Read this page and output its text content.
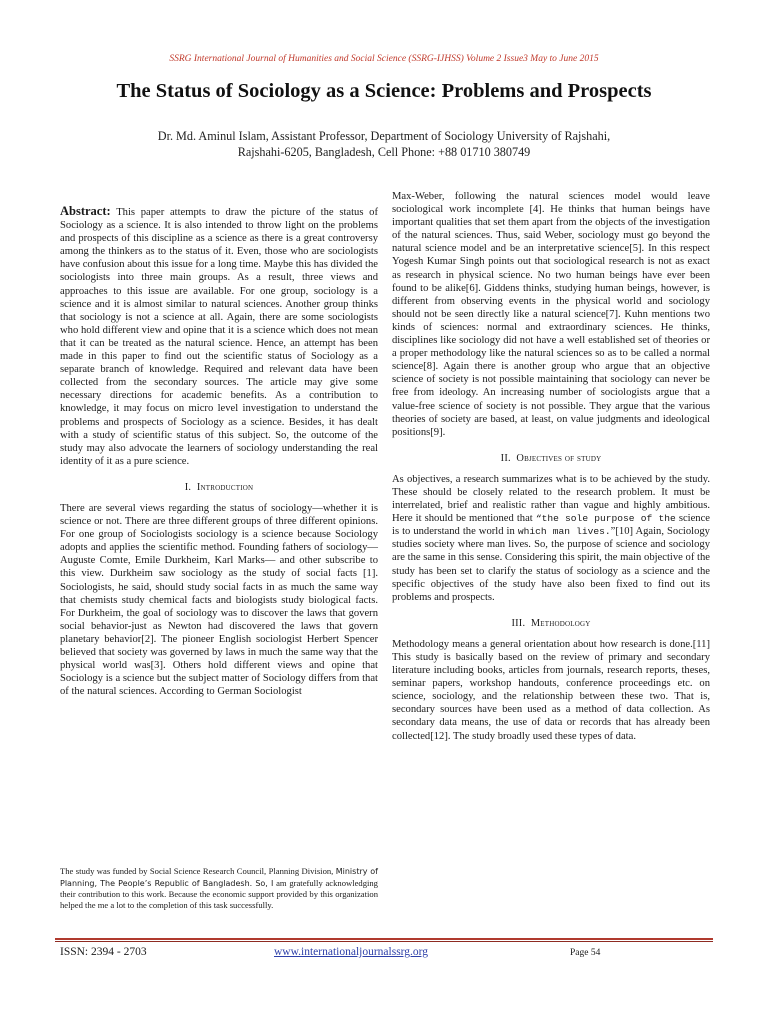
SSRG International Journal of Humanities and Social Science (SSRG-IJHSS) Volume 2 Issue3 May to June 2015
The Status of Sociology as a Science: Problems and Prospects
Dr. Md. Aminul Islam, Assistant Professor, Department of Sociology University of Rajshahi,
Rajshahi-6205, Bangladesh, Cell Phone: +88 01710 380749

Abstract: This paper attempts to draw the picture of the status of Sociology as a science. It is also intended to throw light on the problems and prospects of this discipline as a science as there is a great controversy among the thinkers as to the status of it. Even, those who are sociologists have confusion about this issue for a long time. Maybe this has divided the sociologists into three main groups. As a result, three views and approaches to this issue are available. For one group, sociology is a science and it is almost similar to natural sciences. Another group thinks that sociology is not a science at all. Again, there are some sociologists who hold different view and opine that it is a science which does not mean that it can be treated as the natural science. Hence, an attempt has been made in this paper to find out the scientific status of Sociology as a separate branch of knowledge. Required and relevant data have been collected from the secondary sources. The article may give some necessary directions for academic benefits. As a contribution to knowledge, it may focus on micro level investigation to understand the problems and prospects of Sociology as a science. Besides, it has dealt with a study of scientific status of this subject. So, the outcome of the study may also advocate the learners of sociology understanding the real identity of it as a pure science.

I. Introduction

There are several views regarding the status of sociology—whether it is science or not. There are three different groups of three different opinions. For one group of Sociologists sociology is a science because Sociology adopts and applies the scientific method. Founding fathers of sociology—Auguste Comte, Emile Durkheim, Karl Marks— and other subscribe to this view. Durkheim saw sociology as the study of social facts [1]. Sociologists, he said, should study social facts in as much the same way that chemists study chemical facts and biologists study biological facts. For Durkheim, the goal of sociology was to discover the laws that govern social behavior-just as Newton had discovered the laws that govern planetary behavior[2]. The pioneer English sociologist Herbert Spencer believed that society was governed by laws in much the same way that the physical world was[3]. Others hold different views and opine that Sociology is a science but the subject matter of Sociology differs from that of the natural sciences. According to German Sociologist

The study was funded by Social Science Research Council, Planning Division, Ministry of Planning, The People’s Republic of Bangladesh. So, I am gratefully acknowledging their contribution to this work. Because the economic support provided by this organization helped the me a lot to the completion of this task successfully.

Max-Weber, following the natural sciences model would leave sociological work incomplete [4]. He thinks that human beings have important qualities that set them apart from the objects of the investigation of the natural sciences. Thus, said Weber, sociology must go beyond the natural science model and be an interpretative science[5]. In this respect Yogesh Kumar Singh points out that sociological research is not as exact as research in physical science. No two human beings have ever been found to be alike[6]. Giddens thinks, studying human beings, however, is different from observing events in the physical world and sociology should not be seen directly like a natural science[7]. Kuhn mentions two kinds of sciences: normal and extraordinary sciences. He thinks, disciplines like sociology did not have a well established set of theories or a proper methodology like the natural sciences so as to be called a normal science[8]. Again there is another group who argue that an objective science of society is not possible maintaining that sociology can never be free from ideology. An increasing number of sociologists argue that a value-free science of society is not possible. They argue that the various theories of society are based, at least, on value judgments and ideological positions[9].

II. Objectives of study

As objectives, a research summarizes what is to be achieved by the study. These should be closely related to the research problem. It must be interrelated, brief and realistic rather than vague and highly ambitious. Here it should be mentioned that “the sole purpose of the science is to understand the world in which man lives.”[10] Again, Sociology studies society where man lives. So, the purpose of science and sociology are the same in this sense. Considering this spirit, the main objective of the study has been set to clarify the status of sociology as a science and the specific objectives of the study have also been fixed to find out its problems and prospects.

III. Methodology

Methodology means a general orientation about how research is done.[11] This study is basically based on the review of primary and secondary literature including books, articles from journals, research reports, theses, seminar papers, workshop handouts, conference proceedings etc. on science, sociology, and the relationship between these two. That is, secondary sources have been used as a method of data collection. As secondary data means, the use of data or records that has already been collected[12]. The study broadly used these types of data.

ISSN: 2394 - 2703	www.internationaljournalssrg.org	Page 54
